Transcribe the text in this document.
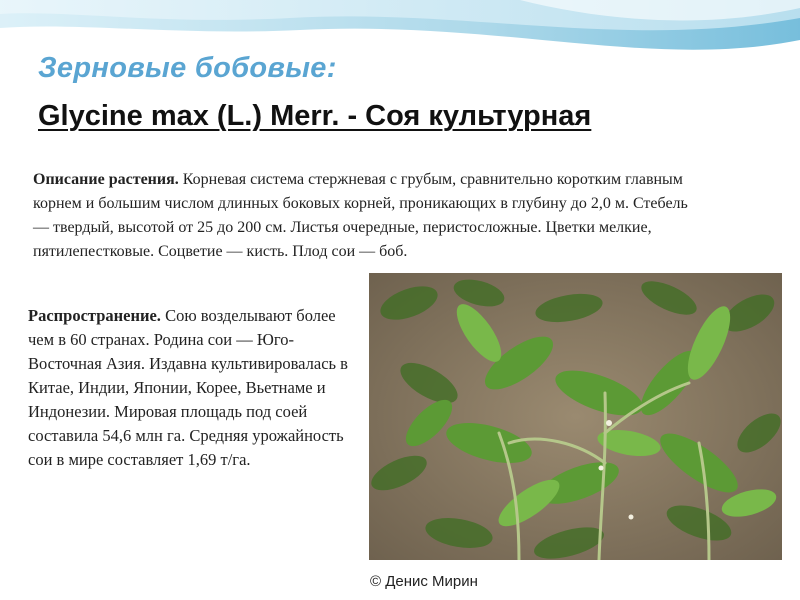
Зерновые бобовые:
Glycine max (L.) Merr. - Соя культурная

Описание растения. Корневая система стержневая с грубым, сравнительно коротким главным корнем и большим числом длинных боковых корней, проникающих в глубину до 2,0 м. Стебель — твердый, высотой от 25 до 200 см. Листья очередные, перистосложные. Цветки мелкие, пятилепестковые. Соцветие — кисть. Плод сои — боб.

Распространение. Сою возделывают более чем в 60 странах. Родина сои — Юго-Восточная Азия. Издавна культивировалась в Китае, Индии, Японии, Корее, Вьетнаме и Индонезии. Мировая площадь под соей составила 54,6 млн га. Средняя урожайность сои в мире составляет 1,69 т/га.

© Денис Мирин
